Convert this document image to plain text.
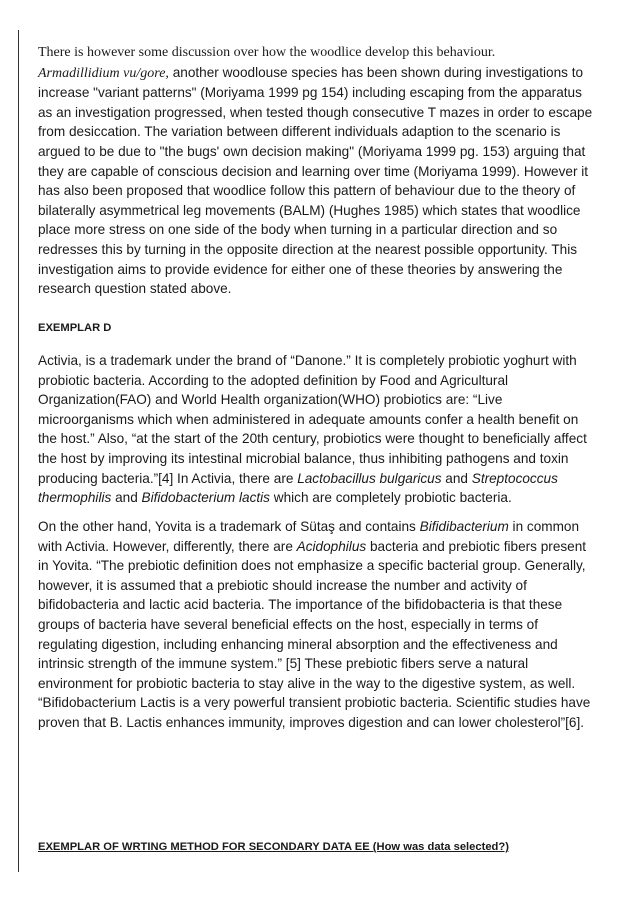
There is however some discussion over how the woodlice develop this behaviour.
Armadillidium vu/gore, another woodlouse species has been shown during investigations to increase "variant patterns" (Moriyama 1999 pg 154) including escaping from the apparatus as an investigation progressed, when tested though consecutive T mazes in order to escape from desiccation. The variation between different individuals adaption to the scenario is argued to be due to "the bugs' own decision making" (Moriyama 1999 pg. 153) arguing that they are capable of conscious decision and learning over time (Moriyama 1999). However it has also been proposed that woodlice follow this pattern of behaviour due to the theory of bilaterally asymmetrical leg movements (BALM) (Hughes 1985) which states that woodlice place more stress on one side of the body when turning in a particular direction and so redresses this by turning in the opposite direction at the nearest possible opportunity. This investigation aims to provide evidence for either one of these theories by answering the research question stated above.

EXEMPLAR D

Activia, is a trademark under the brand of “Danone.” It is completely probiotic yoghurt with probiotic bacteria. According to the adopted definition by Food and Agricultural Organization(FAO) and World Health organization(WHO) probiotics are: “Live microorganisms which when administered in adequate amounts confer a health benefit on the host.” Also, “at the start of the 20th century, probiotics were thought to beneficially affect the host by improving its intestinal microbial balance, thus inhibiting pathogens and toxin producing bacteria.”[4] In Activia, there are Lactobacillus bulgaricus and Streptococcus thermophilis and Bifidobacterium lactis which are completely probiotic bacteria.

On the other hand, Yovita is a trademark of Sütaş and contains Bifidibacterium in common with Activia. However, differently, there are Acidophilus bacteria and prebiotic fibers present in Yovita. “The prebiotic definition does not emphasize a specific bacterial group. Generally, however, it is assumed that a prebiotic should increase the number and activity of bifidobacteria and lactic acid bacteria. The importance of the bifidobacteria is that these groups of bacteria have several beneficial effects on the host, especially in terms of regulating digestion, including enhancing mineral absorption and the effectiveness and intrinsic strength of the immune system.” [5] These prebiotic fibers serve a natural environment for probiotic bacteria to stay alive in the way to the digestive system, as well. “Bifidobacterium Lactis is a very powerful transient probiotic bacteria. Scientific studies have proven that B. Lactis enhances immunity, improves digestion and can lower cholesterol”[6].

EXEMPLAR OF WRTING METHOD FOR SECONDARY DATA EE (How was data selected?)
